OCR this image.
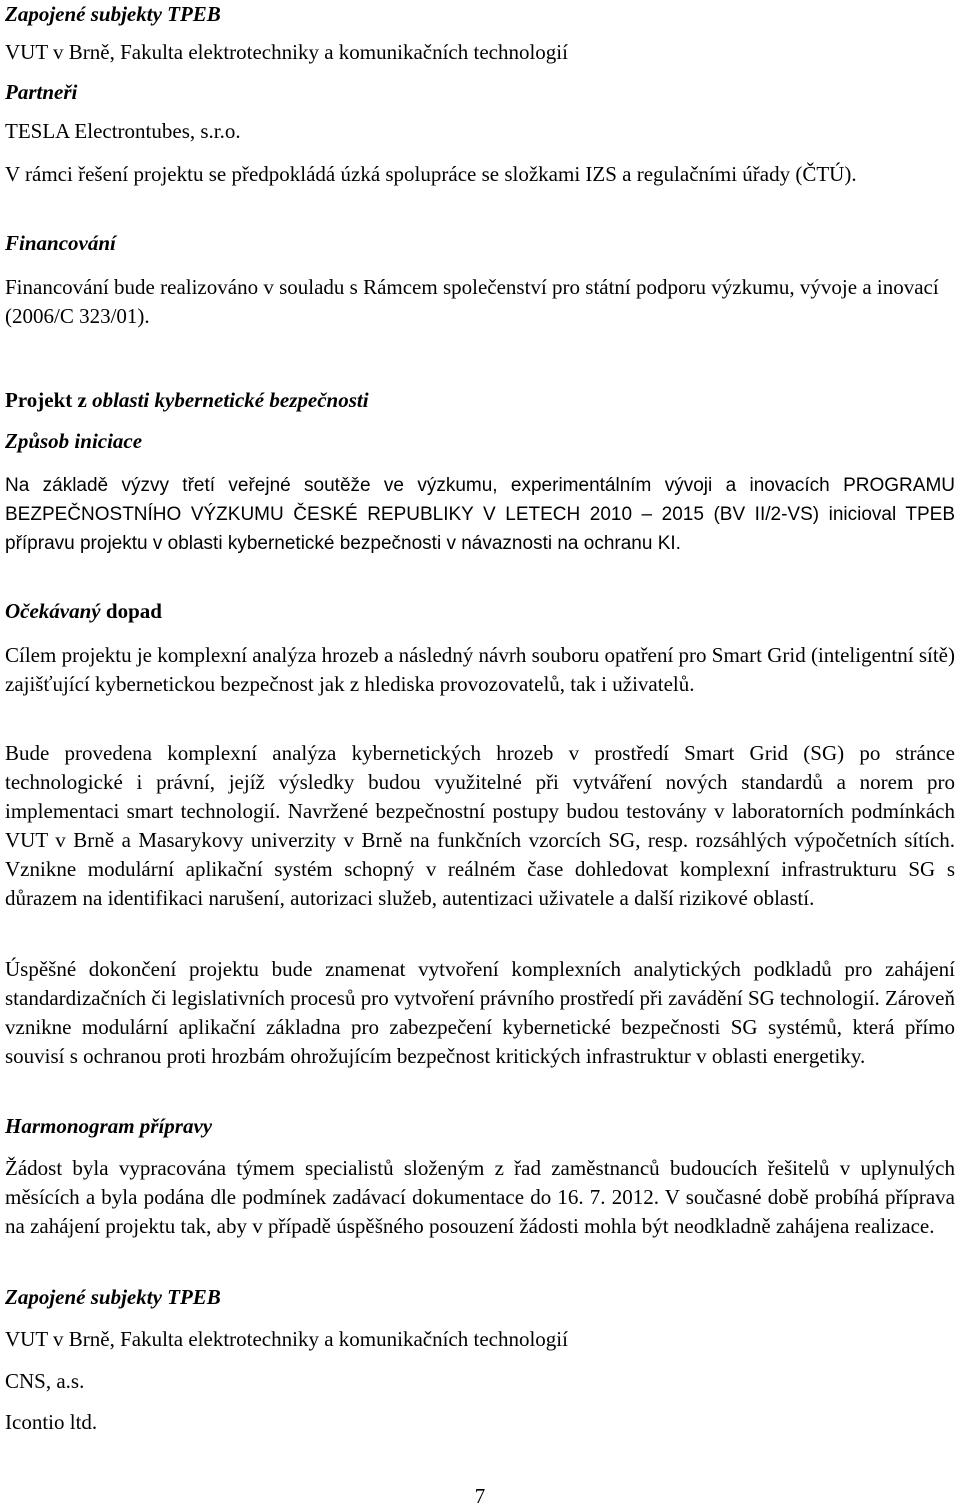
Zapojené subjekty TPEB

VUT v Brně, Fakulta elektrotechniky a komunikačních technologií

Partneři

TESLA Electrontubes, s.r.o.

V rámci řešení projektu se předpokládá úzká spolupráce se složkami IZS a regulačními úřady (ČTÚ).

Financování

Financování bude realizováno v souladu s Rámcem společenství pro státní podporu výzkumu, vývoje a inovací (2006/C 323/01).

Projekt z oblasti kybernetické bezpečnosti

Způsob iniciace

Na základě výzvy třetí veřejné soutěže ve výzkumu, experimentálním vývoji a inovacích PROGRAMU BEZPEČNOSTNÍHO VÝZKUMU ČESKÉ REPUBLIKY V LETECH 2010 – 2015 (BV II/2-VS) inicioval TPEB přípravu projektu v oblasti kybernetické bezpečnosti v návaznosti na ochranu KI.

Očekávaný dopad

Cílem projektu je komplexní analýza hrozeb a následný návrh souboru opatření pro Smart Grid (inteligentní sítě) zajišťující kybernetickou bezpečnost jak z hlediska provozovatelů, tak i uživatelů.

Bude provedena komplexní analýza kybernetických hrozeb v prostředí Smart Grid (SG) po stránce technologické i právní, jejíž výsledky budou využitelné při vytváření nových standardů a norem pro implementaci smart technologií. Navržené bezpečnostní postupy budou testovány v laboratorních podmínkách VUT v Brně a Masarykovy univerzity v Brně na funkčních vzorcích SG, resp. rozsáhlých výpočetních sítích. Vznikne modulární aplikační systém schopný v reálném čase dohledovat komplexní infrastrukturu SG s důrazem na identifikaci narušení, autorizaci služeb, autentizaci uživatele a další rizikové oblastí.

Úspěšné dokončení projektu bude znamenat vytvoření komplexních analytických podkladů pro zahájení standardizačních či legislativních procesů pro vytvoření právního prostředí při zavádění SG technologií. Zároveň vznikne modulární aplikační základna pro zabezpečení kybernetické bezpečnosti SG systémů, která přímo souvisí s ochranou proti hrozbám ohrožujícím bezpečnost kritických infrastruktur v oblasti energetiky.

Harmonogram přípravy

Žádost byla vypracována týmem specialistů složeným z řad zaměstnanců budoucích řešitelů v uplynulých měsících a byla podána dle podmínek zadávací dokumentace do 16. 7. 2012. V současné době probíhá příprava na zahájení projektu tak, aby v případě úspěšného posouzení žádosti mohla být neodkladně zahájena realizace.

Zapojené subjekty TPEB

VUT v Brně, Fakulta elektrotechniky a komunikačních technologií

CNS, a.s.

Icontio ltd.

7
